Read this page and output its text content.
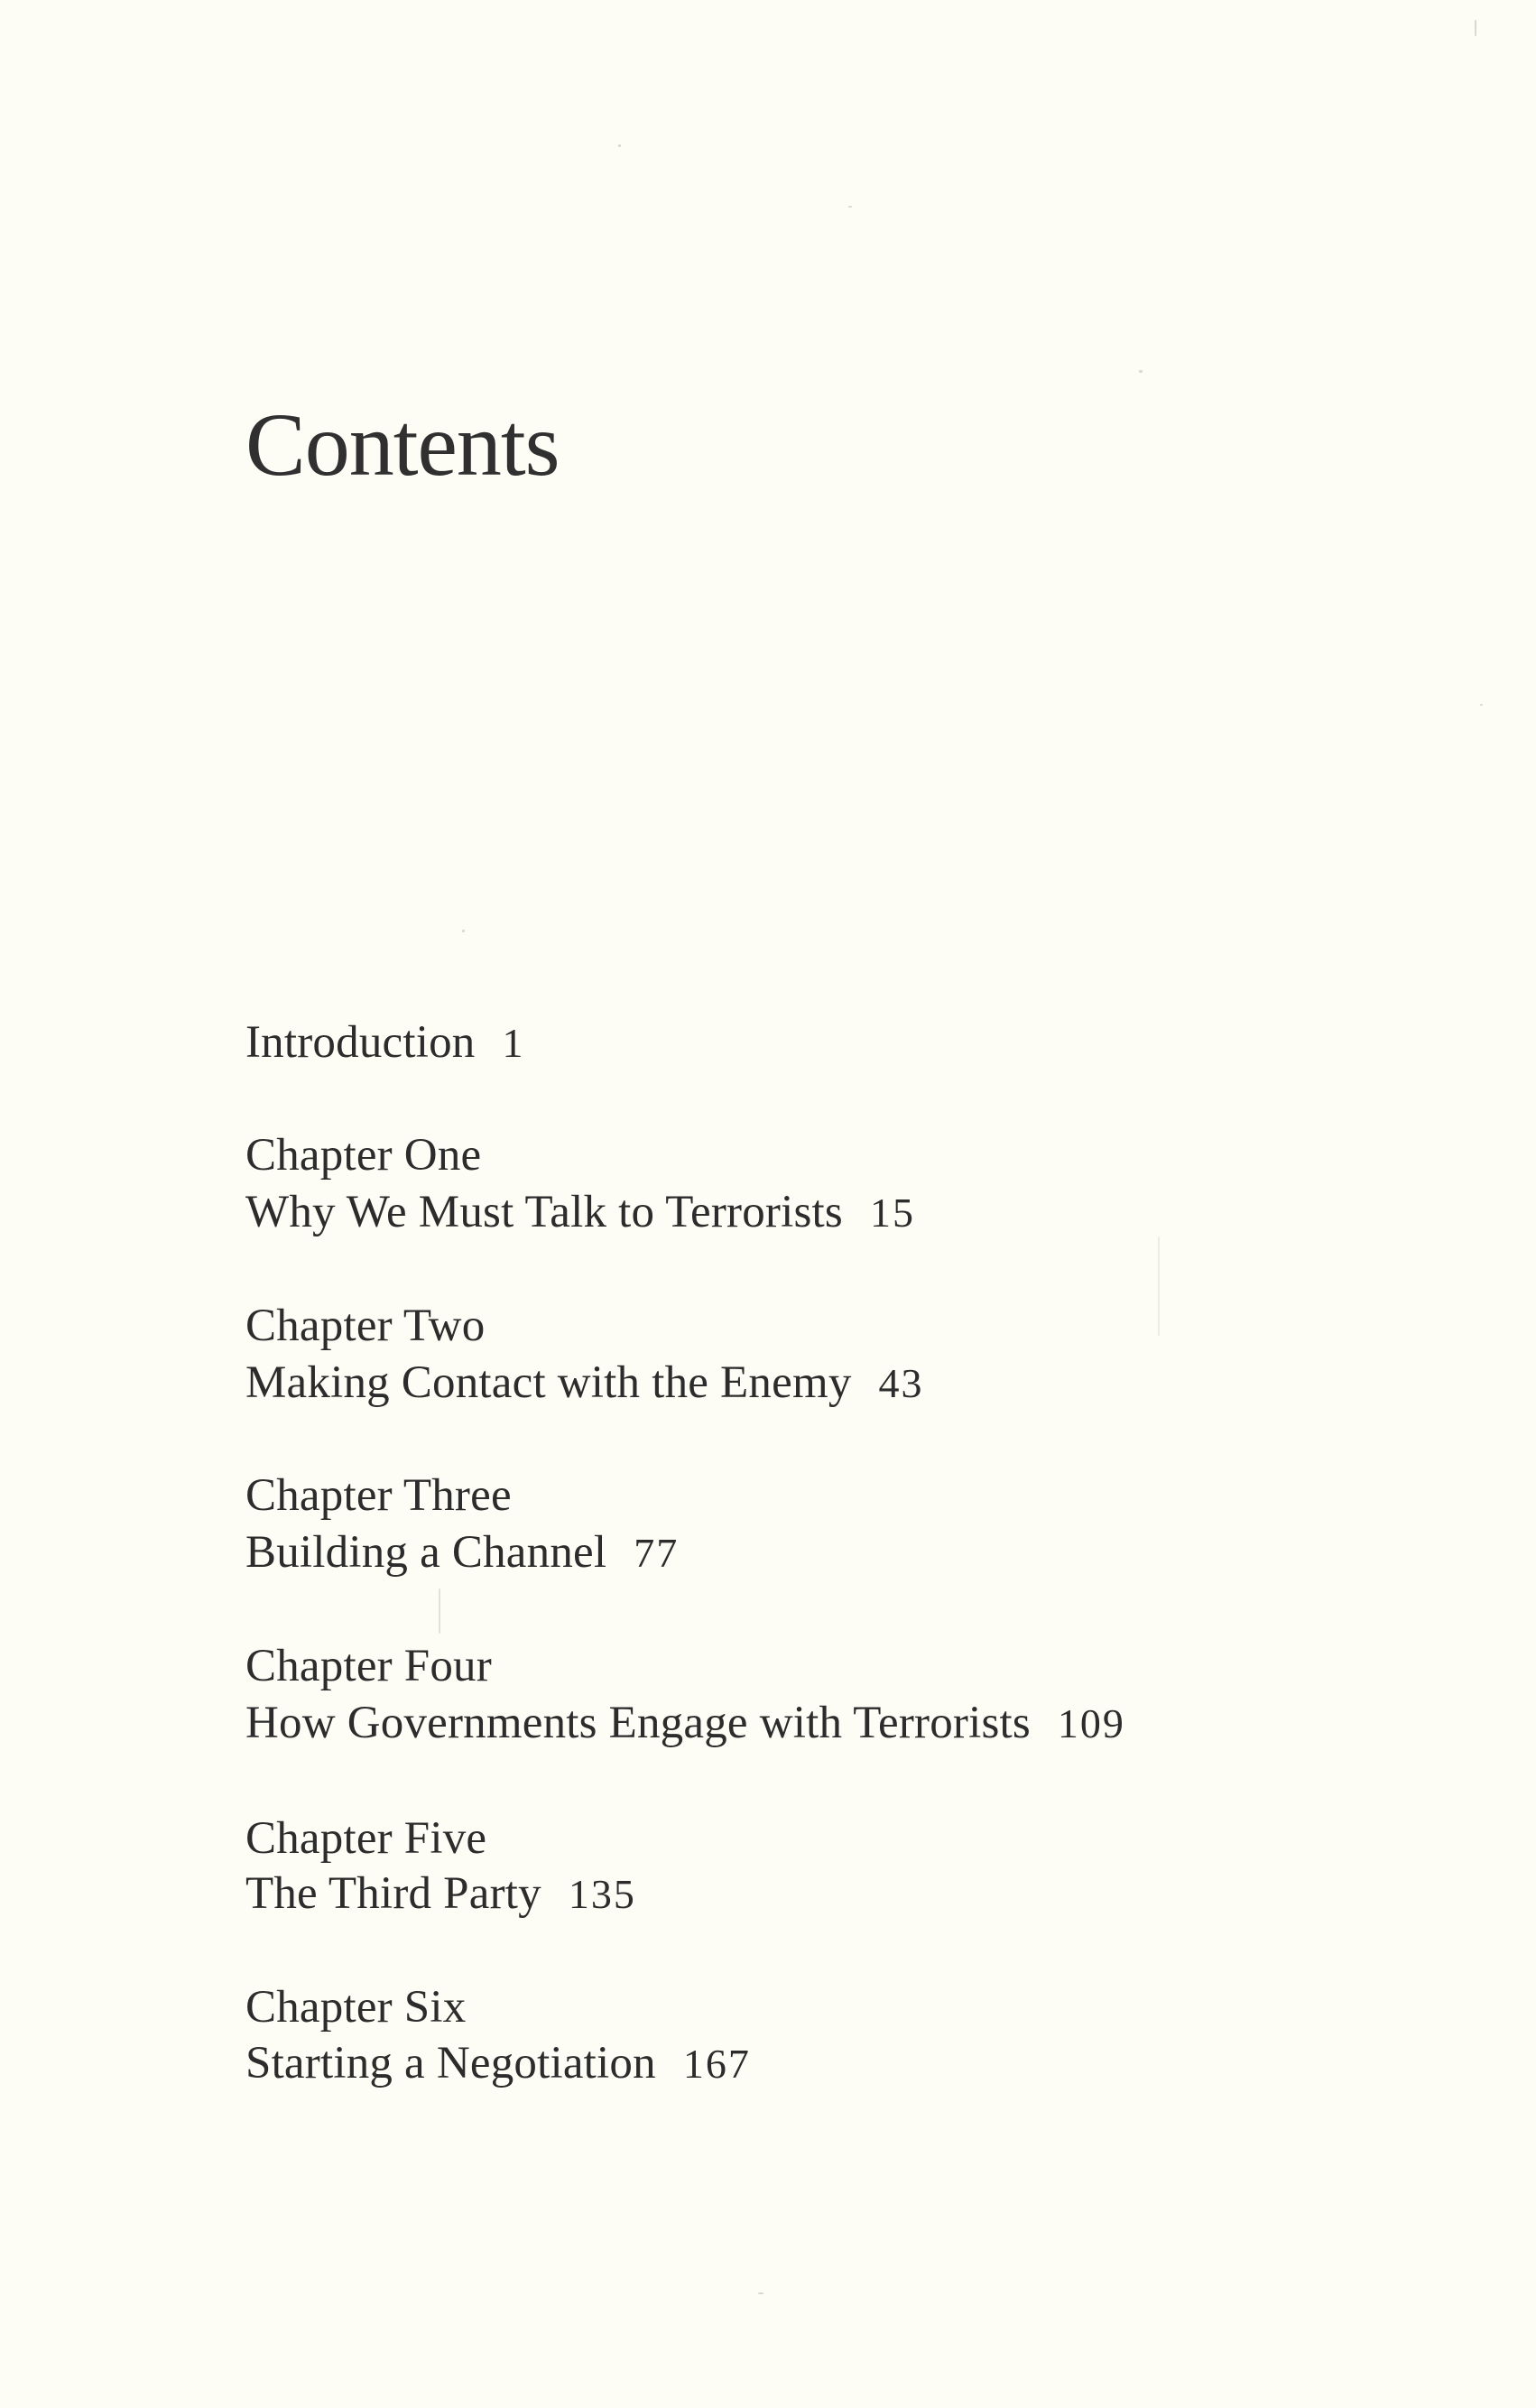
Contents
Introduction 1
Chapter One
Why We Must Talk to Terrorists 15
Chapter Two
Making Contact with the Enemy 43
Chapter Three
Building a Channel 77
Chapter Four
How Governments Engage with Terrorists 109
Chapter Five
The Third Party 135
Chapter Six
Starting a Negotiation 167
